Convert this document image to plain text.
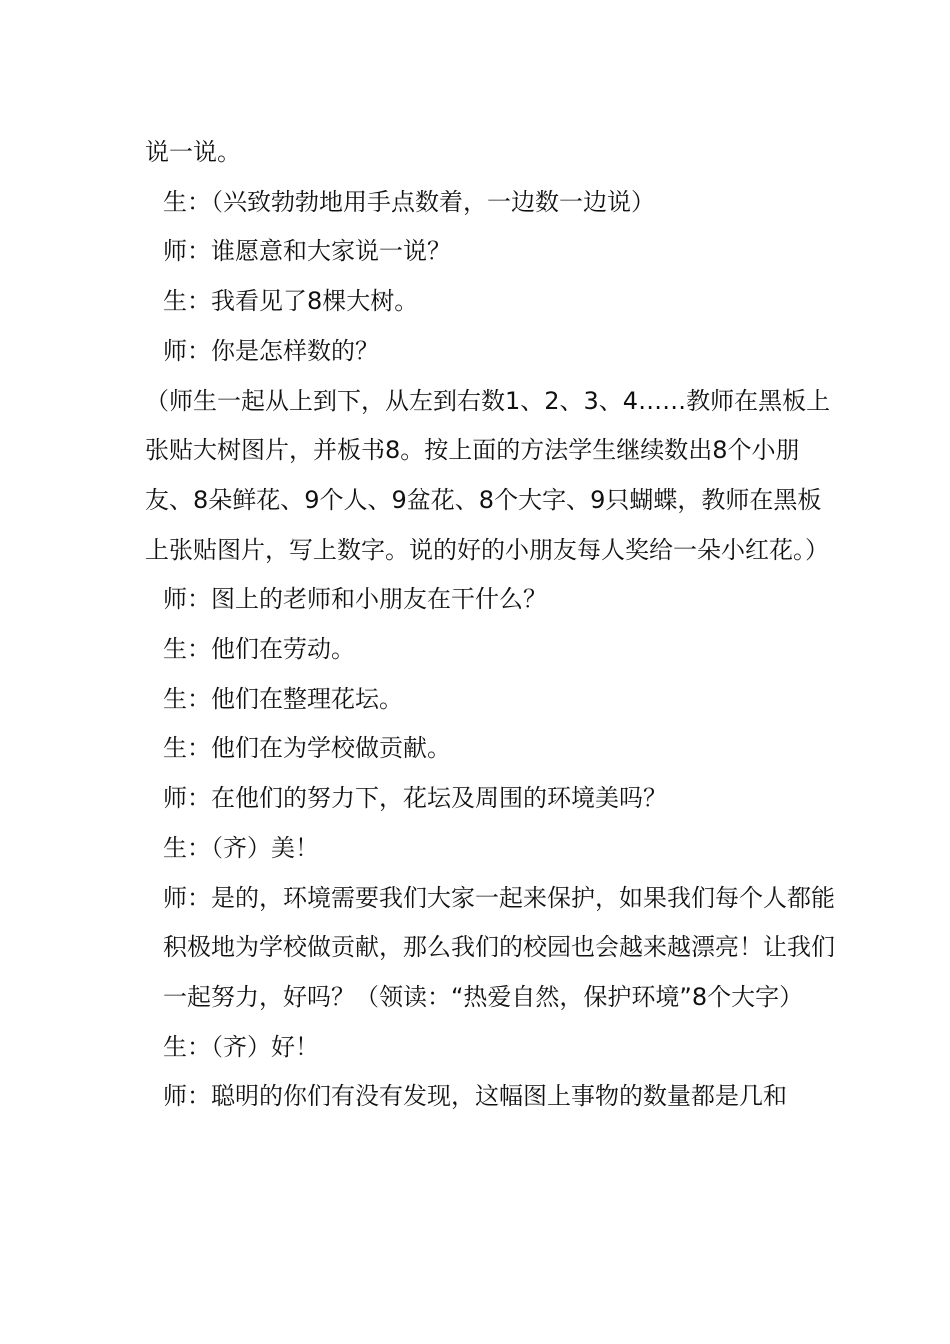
说一说。

生：（兴致勃勃地用手点数着，一边数一边说）

师：谁愿意和大家说一说？

生：我看见了8棵大树。

师：你是怎样数的？

（师生一起从上到下，从左到右数1、2、3、4……教师在黑板上张贴大树图片，并板书8。按上面的方法学生继续数出8个小朋友、8朵鲜花、9个人、9盆花、8个大字、9只蝴蝶，教师在黑板上张贴图片，写上数字。说的好的小朋友每人奖给一朵小红花。）

师：图上的老师和小朋友在干什么？

生：他们在劳动。

生：他们在整理花坛。

生：他们在为学校做贡献。

师：在他们的努力下，花坛及周围的环境美吗？

生：（齐）美！

师：是的，环境需要我们大家一起来保护，如果我们每个人都能积极地为学校做贡献，那么我们的校园也会越来越漂亮！让我们一起努力，好吗？（领读：“热爱自然，保护环境”8个大字）

生：（齐）好！

师：聪明的你们有没有发现，这幅图上事物的数量都是几和
